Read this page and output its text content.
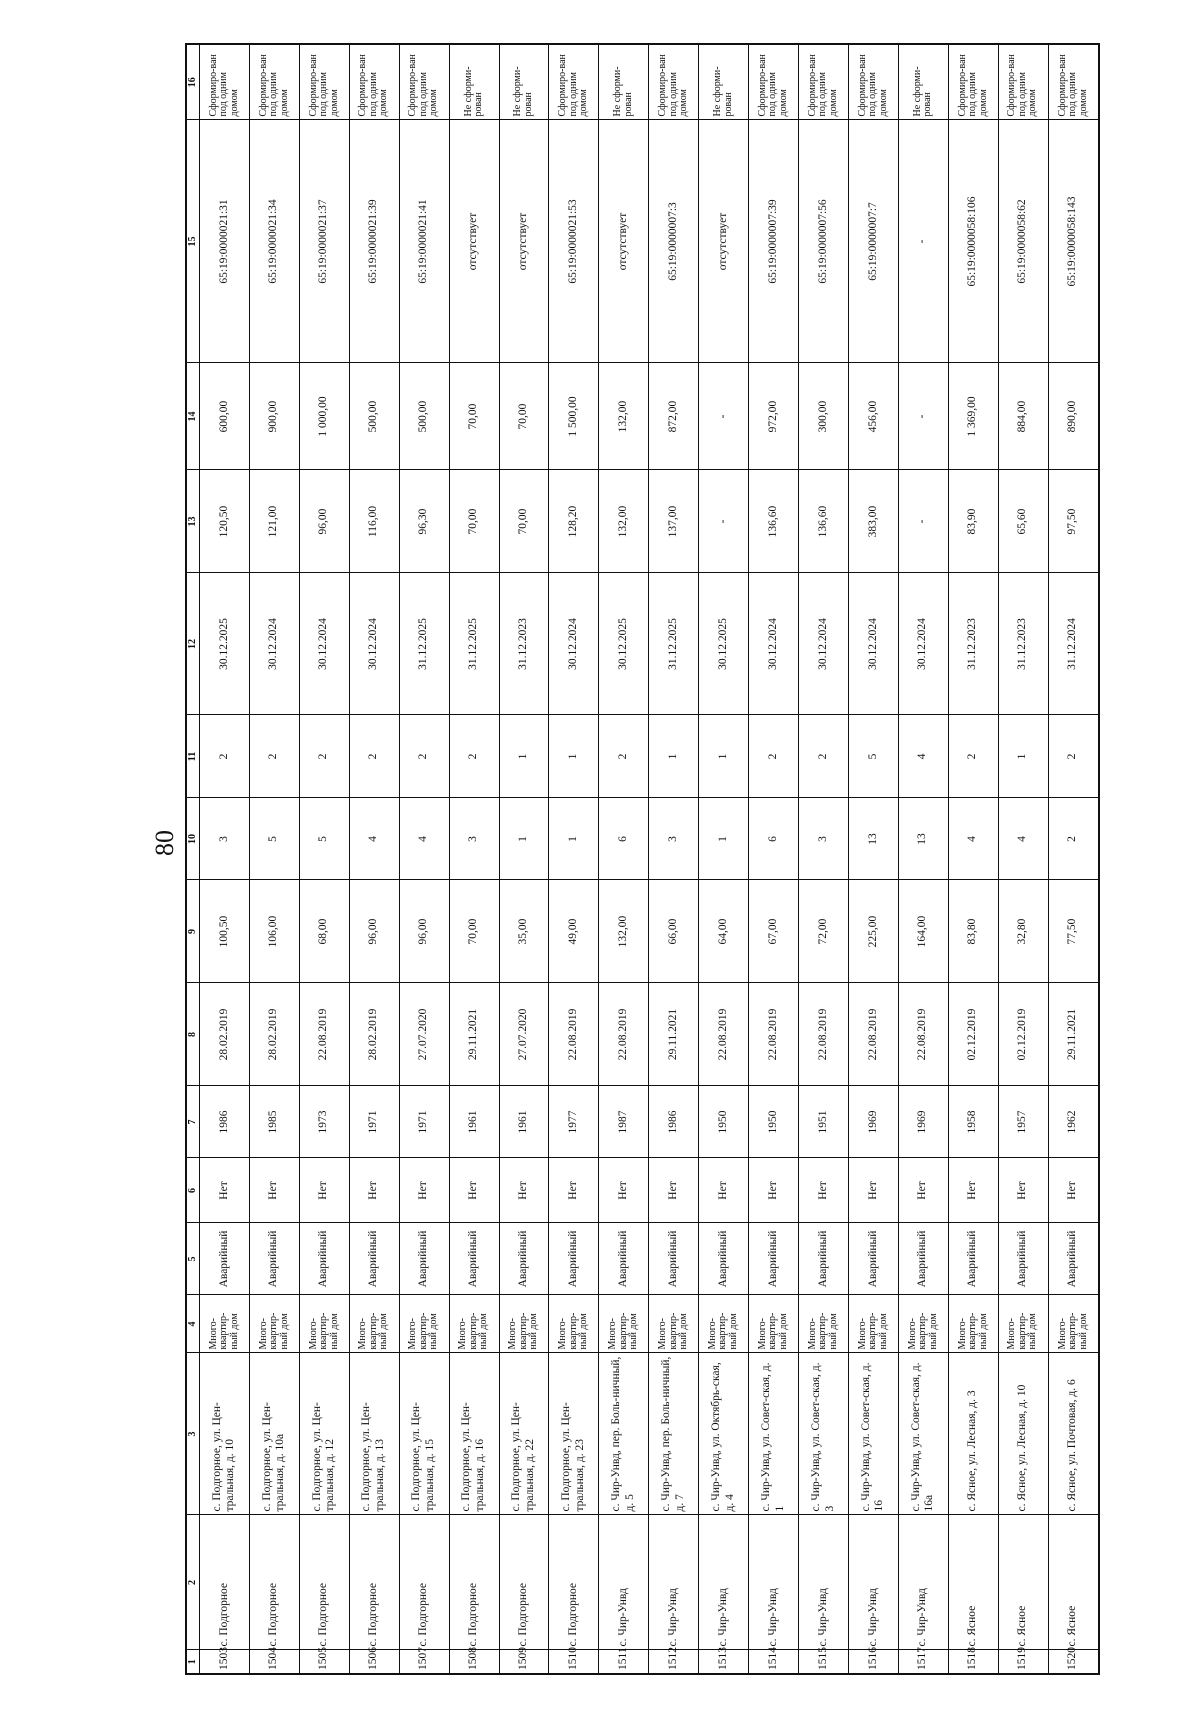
80
1	2	3	4	5	6	7	8	9	10	11	12	13	14	15	16
1503	с. Подгорное	с. Подгорное, ул. Цен-тральная, д. 10	Много-квартир-ный дом	Аварийный	Нет	1986	28.02.2019	100,50	3	2	30.12.2025	120,50	600,00	65:19:0000021:31	Сформиро-ван под одним домом
1504	с. Подгорное	с. Подгорное, ул. Цен-тральная, д. 10а	Много-квартир-ный дом	Аварийный	Нет	1985	28.02.2019	106,00	5	2	30.12.2024	121,00	900,00	65:19:0000021:34	Сформиро-ван под одним домом
1505	с. Подгорное	с. Подгорное, ул. Цен-тральная, д. 12	Много-квартир-ный дом	Аварийный	Нет	1973	22.08.2019	68,00	5	2	30.12.2024	96,00	1 000,00	65:19:0000021:37	Сформиро-ван под одним домом
1506	с. Подгорное	с. Подгорное, ул. Цен-тральная, д. 13	Много-квартир-ный дом	Аварийный	Нет	1971	28.02.2019	96,00	4	2	30.12.2024	116,00	500,00	65:19:0000021:39	Сформиро-ван под одним домом
1507	с. Подгорное	с. Подгорное, ул. Цен-тральная, д. 15	Много-квартир-ный дом	Аварийный	Нет	1971	27.07.2020	96,00	4	2	31.12.2025	96,30	500,00	65:19:0000021:41	Сформиро-ван под одним домом
1508	с. Подгорное	с. Подгорное, ул. Цен-тральная, д. 16	Много-квартир-ный дом	Аварийный	Нет	1961	29.11.2021	70,00	3	2	31.12.2025	70,00	70,00	отсутствует	Не сформи-рован
1509	с. Подгорное	с. Подгорное, ул. Цен-тральная, д. 22	Много-квартир-ный дом	Аварийный	Нет	1961	27.07.2020	35,00	1	1	31.12.2023	70,00	70,00	отсутствует	Не сформи-рован
1510	с. Подгорное	с. Подгорное, ул. Цен-тральная, д. 23	Много-квартир-ный дом	Аварийный	Нет	1977	22.08.2019	49,00	1	1	30.12.2024	128,20	1 500,00	65:19:0000021:53	Сформиро-ван под одним домом
1511	с. Чир-Унвд	с. Чир-Унвд, пер. Боль-ничный, д. 5	Много-квартир-ный дом	Аварийный	Нет	1987	22.08.2019	132,00	6	2	30.12.2025	132,00	132,00	отсутствует	Не сформи-рован
1512	с. Чир-Унвд	с. Чир-Унвд, пер. Боль-ничный, д. 7	Много-квартир-ный дом	Аварийный	Нет	1986	29.11.2021	66,00	3	1	31.12.2025	137,00	872,00	65:19:0000007:3	Сформиро-ван под одним домом
1513	с. Чир-Унвд	с. Чир-Унвд, ул. Октябрь-ская, д. 4	Много-квартир-ный дом	Аварийный	Нет	1950	22.08.2019	64,00	1	1	30.12.2025	-	-	отсутствует	Не сформи-рован
1514	с. Чир-Унвд	с. Чир-Унвд, ул. Совет-ская, д. 1	Много-квартир-ный дом	Аварийный	Нет	1950	22.08.2019	67,00	6	2	30.12.2024	136,60	972,00	65:19:0000007:39	Сформиро-ван под одним домом
1515	с. Чир-Унвд	с. Чир-Унвд, ул. Совет-ская, д. 3	Много-квартир-ный дом	Аварийный	Нет	1951	22.08.2019	72,00	3	2	30.12.2024	136,60	300,00	65:19:0000007:56	Сформиро-ван под одним домом
1516	с. Чир-Унвд	с. Чир-Унвд, ул. Совет-ская, д. 16	Много-квартир-ный дом	Аварийный	Нет	1969	22.08.2019	225,00	13	5	30.12.2024	383,00	456,00	65:19:0000007:7	Сформиро-ван под одним домом
1517	с. Чир-Унвд	с. Чир-Унвд, ул. Совет-ская, д. 16а	Много-квартир-ный дом	Аварийный	Нет	1969	22.08.2019	164,00	13	4	30.12.2024	-	-	-	Не сформи-рован
1518	с. Ясное	с. Ясное, ул. Лесная, д. 3	Много-квартир-ный дом	Аварийный	Нет	1958	02.12.2019	83,80	4	2	31.12.2023	83,90	1 369,00	65:19:0000058:106	Сформиро-ван под одним домом
1519	с. Ясное	с. Ясное, ул. Лесная, д. 10	Много-квартир-ный дом	Аварийный	Нет	1957	02.12.2019	32,80	4	1	31.12.2023	65,60	884,00	65:19:0000058:62	Сформиро-ван под одним домом
1520	с. Ясное	с. Ясное, ул. Почтовая, д. 6	Много-квартир-ный дом	Аварийный	Нет	1962	29.11.2021	77,50	2	2	31.12.2024	97,50	890,00	65:19:0000058:143	Сформиро-ван под одним домом
